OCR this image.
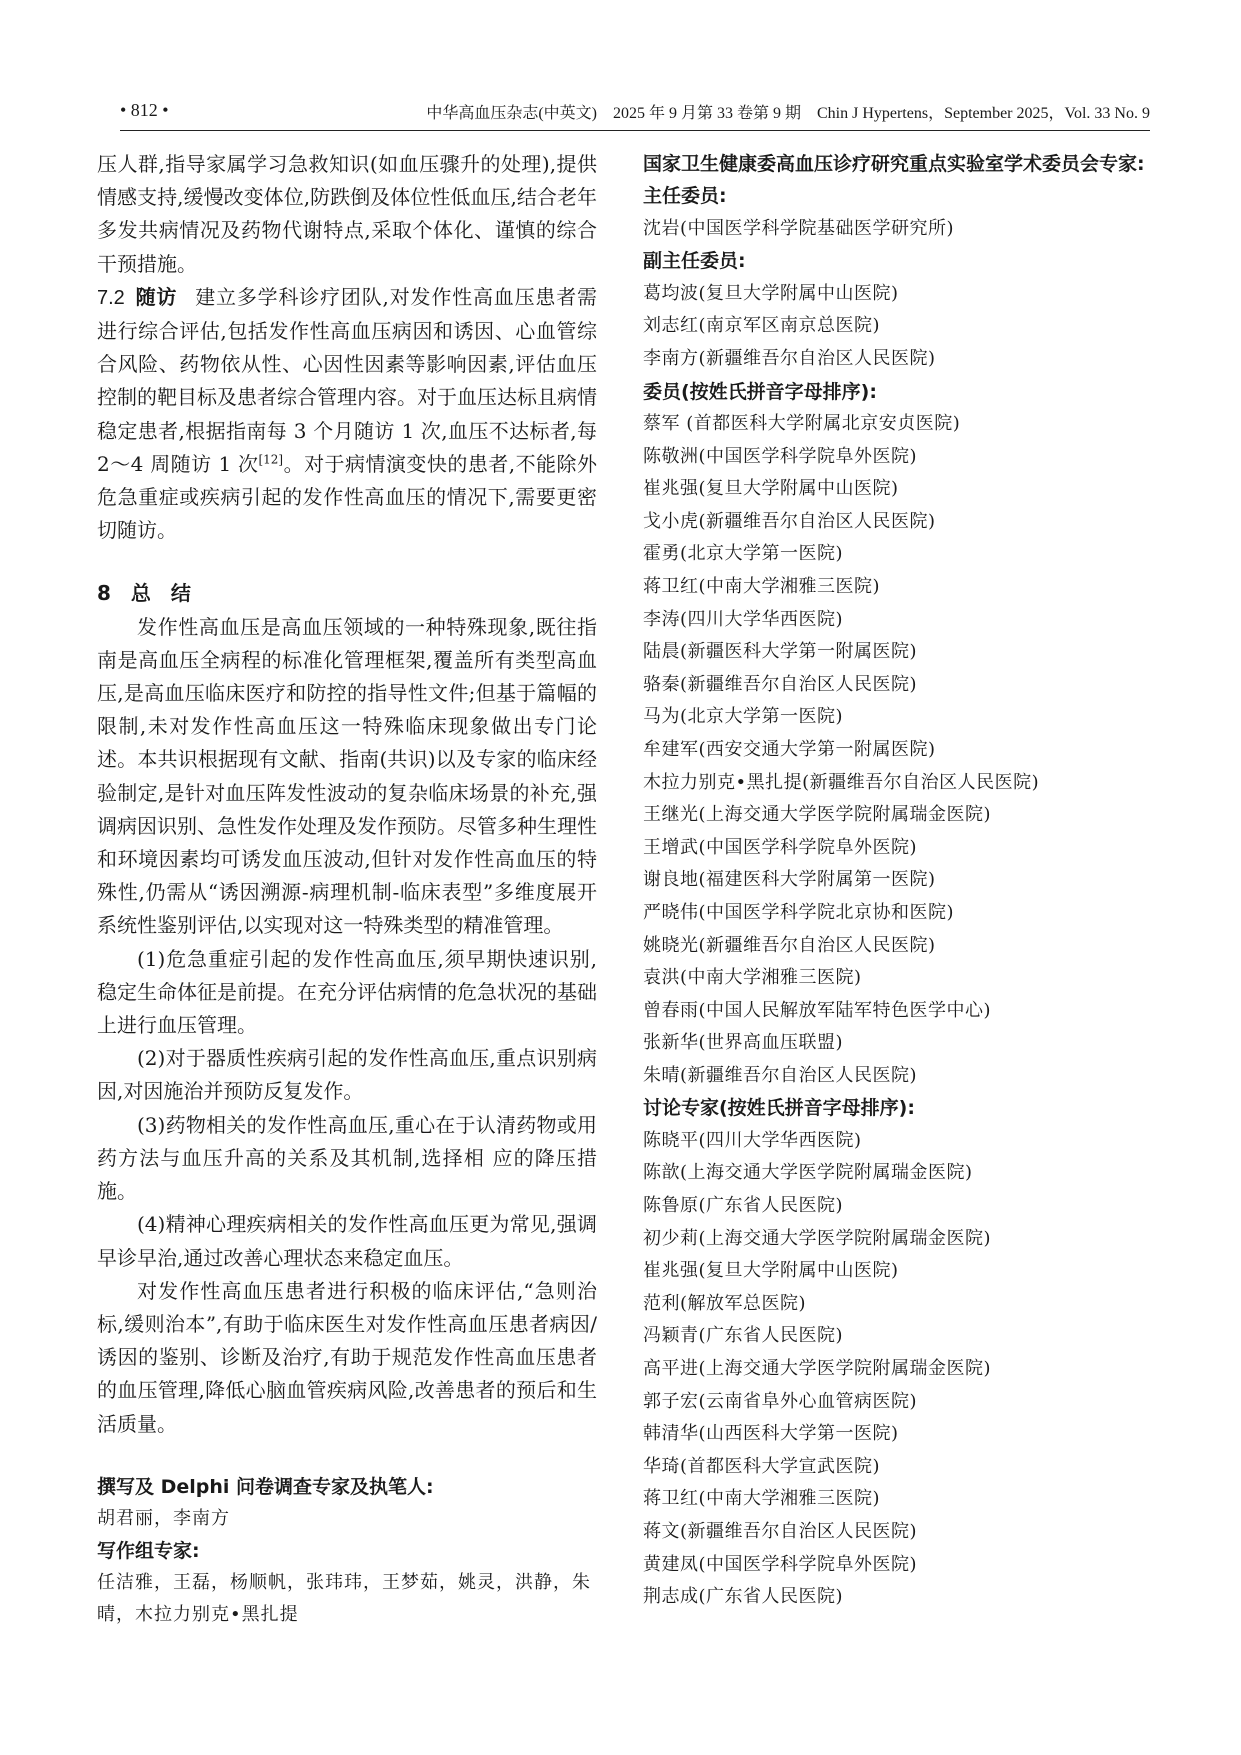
• 812 •	中华高血压杂志(中英文)　2025 年 9 月第 33 卷第 9 期　Chin J Hypertens，September 2025，Vol. 33 No. 9

压人群,指导家属学习急救知识(如血压骤升的处理),提供情感支持,缓慢改变体位,防跌倒及体位性低血压,结合老年多发共病情况及药物代谢特点,采取个体化、谨慎的综合干预措施。

7.2 随访 建立多学科诊疗团队,对发作性高血压患者需进行综合评估,包括发作性高血压病因和诱因、心血管综合风险、药物依从性、心因性因素等影响因素,评估血压控制的靶目标及患者综合管理内容。对于血压达标且病情稳定患者,根据指南每 3 个月随访 1 次,血压不达标者,每 2～4 周随访 1 次[12]。对于病情演变快的患者,不能除外危急重症或疾病引起的发作性高血压的情况下,需要更密切随访。

8 总　结

发作性高血压是高血压领域的一种特殊现象,既往指南是高血压全病程的标准化管理框架,覆盖所有类型高血压,是高血压临床医疗和防控的指导性文件;但基于篇幅的限制,未对发作性高血压这一特殊临床现象做出专门论述。本共识根据现有文献、指南(共识)以及专家的临床经验制定,是针对血压阵发性波动的复杂临床场景的补充,强调病因识别、急性发作处理及发作预防。尽管多种生理性和环境因素均可诱发血压波动,但针对发作性高血压的特殊性,仍需从“诱因溯源-病理机制-临床表型”多维度展开系统性鉴别评估,以实现对这一特殊类型的精准管理。

(1)危急重症引起的发作性高血压,须早期快速识别,稳定生命体征是前提。在充分评估病情的危急状况的基础上进行血压管理。

(2)对于器质性疾病引起的发作性高血压,重点识别病因,对因施治并预防反复发作。

(3)药物相关的发作性高血压,重心在于认清药物或用药方法与血压升高的关系及其机制,选择相 应的降压措施。

(4)精神心理疾病相关的发作性高血压更为常见,强调早诊早治,通过改善心理状态来稳定血压。

对发作性高血压患者进行积极的临床评估,“急则治标,缓则治本”,有助于临床医生对发作性高血压患者病因/诱因的鉴别、诊断及治疗,有助于规范发作性高血压患者的血压管理,降低心脑血管疾病风险,改善患者的预后和生活质量。

撰写及 Delphi 问卷调查专家及执笔人:

胡君丽，李南方

写作组专家:

任洁雅，王磊，杨顺帆，张玮玮，王梦茹，姚灵，洪静，朱晴，木拉力别克•黑扎提

国家卫生健康委高血压诊疗研究重点实验室学术委员会专家:

主任委员:

沈岩(中国医学科学院基础医学研究所)

副主任委员:

葛均波(复旦大学附属中山医院)

刘志红(南京军区南京总医院)

李南方(新疆维吾尔自治区人民医院)

委员(按姓氏拼音字母排序):

蔡军 (首都医科大学附属北京安贞医院)

陈敬洲(中国医学科学院阜外医院)

崔兆强(复旦大学附属中山医院)

戈小虎(新疆维吾尔自治区人民医院)

霍勇(北京大学第一医院)

蒋卫红(中南大学湘雅三医院)

李涛(四川大学华西医院)

陆晨(新疆医科大学第一附属医院)

骆秦(新疆维吾尔自治区人民医院)

马为(北京大学第一医院)

牟建军(西安交通大学第一附属医院)

木拉力别克•黑扎提(新疆维吾尔自治区人民医院)

王继光(上海交通大学医学院附属瑞金医院)

王增武(中国医学科学院阜外医院)

谢良地(福建医科大学附属第一医院)

严晓伟(中国医学科学院北京协和医院)

姚晓光(新疆维吾尔自治区人民医院)

袁洪(中南大学湘雅三医院)

曾春雨(中国人民解放军陆军特色医学中心)

张新华(世界高血压联盟)

朱晴(新疆维吾尔自治区人民医院)

讨论专家(按姓氏拼音字母排序):

陈晓平(四川大学华西医院)

陈歆(上海交通大学医学院附属瑞金医院)

陈鲁原(广东省人民医院)

初少莉(上海交通大学医学院附属瑞金医院)

崔兆强(复旦大学附属中山医院)

范利(解放军总医院)

冯颖青(广东省人民医院)

高平进(上海交通大学医学院附属瑞金医院)

郭子宏(云南省阜外心血管病医院)

韩清华(山西医科大学第一医院)

华琦(首都医科大学宣武医院)

蒋卫红(中南大学湘雅三医院)

蒋文(新疆维吾尔自治区人民医院)

黄建凤(中国医学科学院阜外医院)

荆志成(广东省人民医院)
